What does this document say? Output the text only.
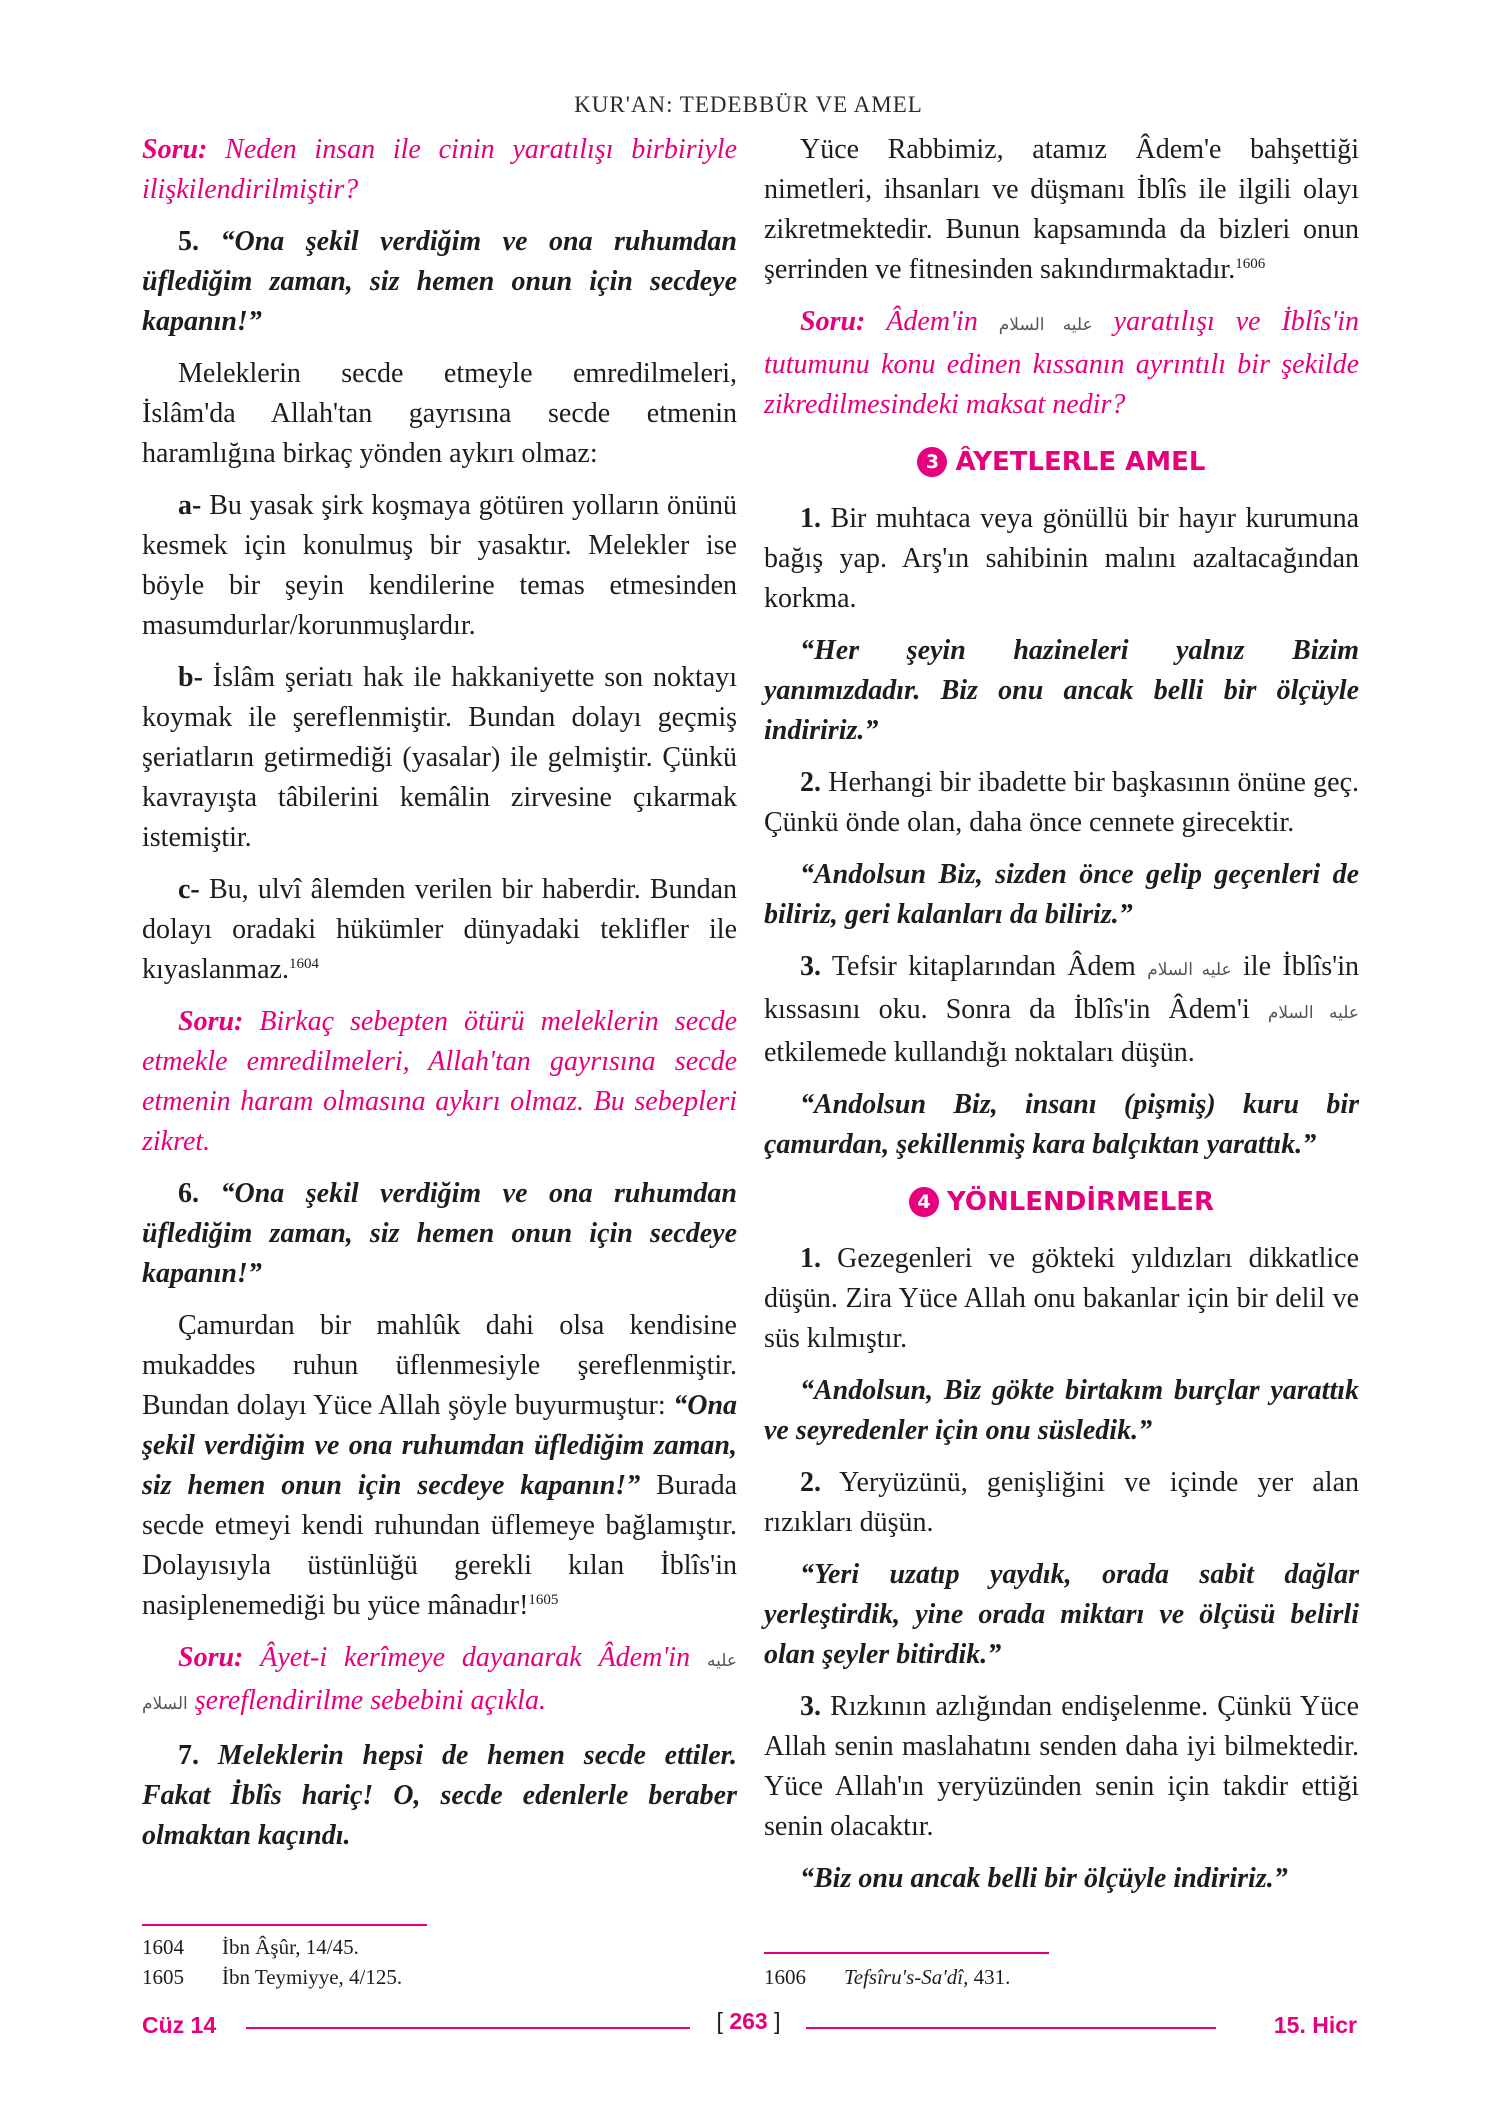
KUR'AN: TEDEBBÜR VE AMEL

Soru: Neden insan ile cinin yaratılışı birbiriyle ilişkilendirilmiştir?

5. “Ona şekil verdiğim ve ona ruhumdan üflediğim zaman, siz hemen onun için secdeye kapanın!”

Meleklerin secde etmeyle emredilmeleri, İslâm'da Allah'tan gayrısına secde etmenin haramlığına birkaç yönden aykırı olmaz:

a- Bu yasak şirk koşmaya götüren yolların önünü kesmek için konulmuş bir yasaktır. Melekler ise böyle bir şeyin kendilerine temas etmesinden masumdurlar/korunmuşlardır.

b- İslâm şeriatı hak ile hakkaniyette son noktayı koymak ile şereflenmiştir. Bundan dolayı geçmiş şeriatların getirmediği (yasalar) ile gelmiştir. Çünkü kavrayışta tâbilerini kemâlin zirvesine çıkarmak istemiştir.

c- Bu, ulvî âlemden verilen bir haberdir. Bundan dolayı oradaki hükümler dünyadaki teklifler ile kıyaslanmaz.$^{1604}$

Soru: Birkaç sebepten ötürü meleklerin secde etmekle emredilmeleri, Allah'tan gayrısına secde etmenin haram olmasına aykırı olmaz. Bu sebepleri zikret.

6. “Ona şekil verdiğim ve ona ruhumdan üflediğim zaman, siz hemen onun için secdeye kapanın!”

Çamurdan bir mahlûk dahi olsa kendisine mukaddes ruhun üflenmesiyle şereflenmiştir. Bundan dolayı Yüce Allah şöyle buyurmuştur: “Ona şekil verdiğim ve ona ruhumdan üflediğim zaman, siz hemen onun için secdeye kapanın!” Burada secde etmeyi kendi ruhundan üflemeye bağlamıştır. Dolayısıyla üstünlüğü gerekli kılan İblîs'in nasiplenemediği bu yüce mânadır!$^{1605}$

Soru: Âyet-i kerîmeye dayanarak Âdem'in عليه السلام şereflendirilme sebebini açıkla.

7. Meleklerin hepsi de hemen secde ettiler. Fakat İblîs hariç! O, secde edenlerle beraber olmaktan kaçındı.

Yüce Rabbimiz, atamız Âdem'e bahşettiği nimetleri, ihsanları ve düşmanı İblîs ile ilgili olayı zikretmektedir. Bunun kapsamında da bizleri onun şerrinden ve fitnesinden sakındırmaktadır.$^{1606}$

Soru: Âdem'in عليه السلام yaratılışı ve İblîs'in tutumunu konu edinen kıssanın ayrıntılı bir şekilde zikredilmesindeki maksat nedir?

3 ÂYETLERLE AMEL

1. Bir muhtaca veya gönüllü bir hayır kurumuna bağış yap. Arş'ın sahibinin malını azaltacağından korkma.

“Her şeyin hazineleri yalnız Bizim yanımızdadır. Biz onu ancak belli bir ölçüyle indiririz.”

2. Herhangi bir ibadette bir başkasının önüne geç. Çünkü önde olan, daha önce cennete girecektir.

“Andolsun Biz, sizden önce gelip geçenleri de biliriz, geri kalanları da biliriz.”

3. Tefsir kitaplarından Âdem عليه السلام ile İblîs'in kıssasını oku. Sonra da İblîs'in Âdem'i عليه السلام etkilemede kullandığı noktaları düşün.

“Andolsun Biz, insanı (pişmiş) kuru bir çamurdan, şekillenmiş kara balçıktan yarattık.”

4 YÖNLENDİRMELER

1. Gezegenleri ve gökteki yıldızları dikkatlice düşün. Zira Yüce Allah onu bakanlar için bir delil ve süs kılmıştır.

“Andolsun, Biz gökte birtakım burçlar yarattık ve seyredenler için onu süsledik.”

2. Yeryüzünü, genişliğini ve içinde yer alan rızıkları düşün.

“Yeri uzatıp yaydık, orada sabit dağlar yerleştirdik, yine orada miktarı ve ölçüsü belirli olan şeyler bitirdik.”

3. Rızkının azlığından endişelenme. Çünkü Yüce Allah senin maslahatını senden daha iyi bilmektedir. Yüce Allah'ın yeryüzünden senin için takdir ettiği senin olacaktır.

“Biz onu ancak belli bir ölçüyle indiririz.”

1604 İbn Âşûr, 14/45.
1605 İbn Teymiyye, 4/125.	1606 Tefsîru's-Sa'dî, 431.
Cüz 14	[ 263 ]	15. Hicr
